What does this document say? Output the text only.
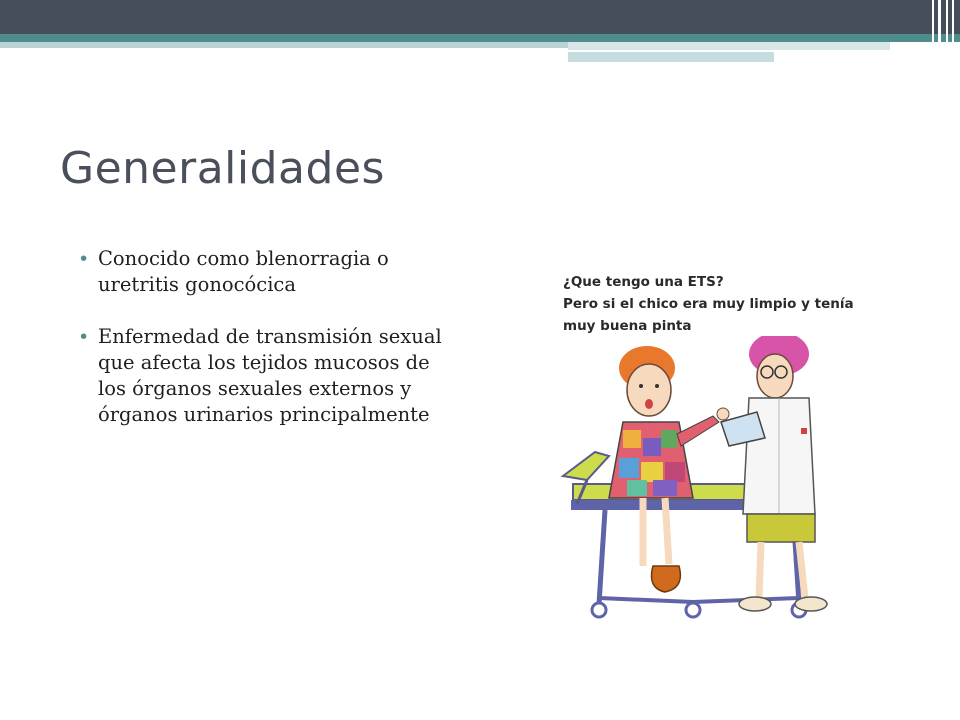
Generalidades
• Conocido como blenorragia o uretritis gonocócica
• Enfermedad de transmisión sexual que afecta los tejidos mucosos de los órganos sexuales externos y órganos urinarios principalmente
¿Que tengo una ETS?
Pero si el chico era muy limpio y tenía
muy buena pinta
